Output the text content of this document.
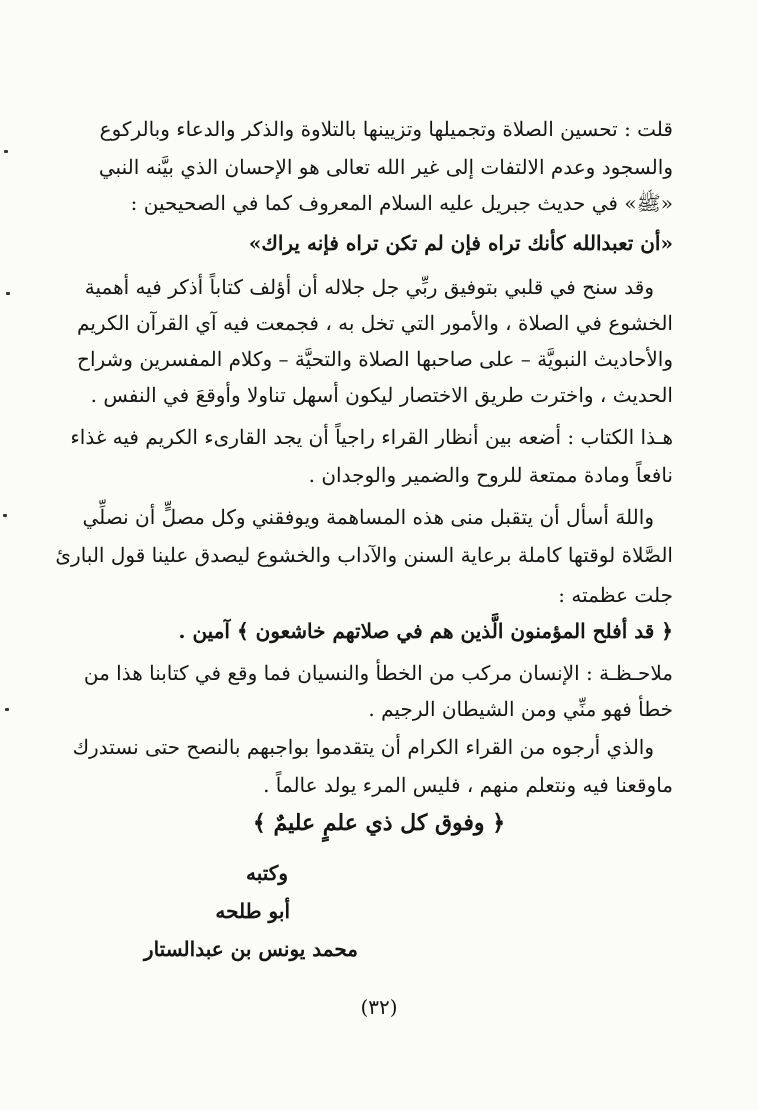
قلت : تحسين الصلاة وتجميلها وتزيينها بالتلاوة والذكر والدعاء وبالركوع
والسجود وعدم الالتفات إلى غير الله تعالى هو الإحسان الذي بيَّنه النبي
«ﷺ» في حديث جبريل عليه السلام المعروف كما في الصحيحين :
«أن تعبدالله كأنك تراه فإن لم تكن تراه فإنه يراك»
وقد سنح في قلبي بتوفيق ربِّي جل جلاله أن أؤلف كتاباً أذكر فيه أهمية
الخشوع في الصلاة ، والأمور التي تخل به ، فجمعت فيه آي القرآن الكريم
والأحاديث النبويَّة – على صاحبها الصلاة والتحيَّة – وكلام المفسرين وشراح
الحديث ، واخترت طريق الاختصار ليكون أسهل تناولا وأوقعَ في النفس .
هـذا الكتاب : أضعه بين أنظار القراء راجياً أن يجد القارىء الكريم فيه غذاء
نافعاً ومادة ممتعة للروح والضمير والوجدان .
واللهَ أسأل أن يتقبل منى هذه المساهمة ويوفقني وكل مصلٍّ أن نصلِّي
الصَّلاة لوقتها كاملة برعاية السنن والآداب والخشوع ليصدق علينا قول البارئ
جلت عظمته :
﴿ قد أفلح المؤمنون الَّذين هم في صلاتهم خاشعون ﴾ آمين .
ملاحـظـة : الإنسان مركب من الخطأ والنسيان فما وقع في كتابنا هذا من
خطأ فهو منِّي ومن الشيطان الرجيم .
والذي أرجوه من القراء الكرام أن يتقدموا بواجبهم بالنصح حتى نستدرك
ماوقعنا فيه ونتعلم منهم ، فليس المرء يولد عالماً .
﴿ وفوق كل ذي علمٍ عليمٌ ﴾
وكتبه
أبو طلحه
محمد يونس بن عبدالستار
(٣٢)
